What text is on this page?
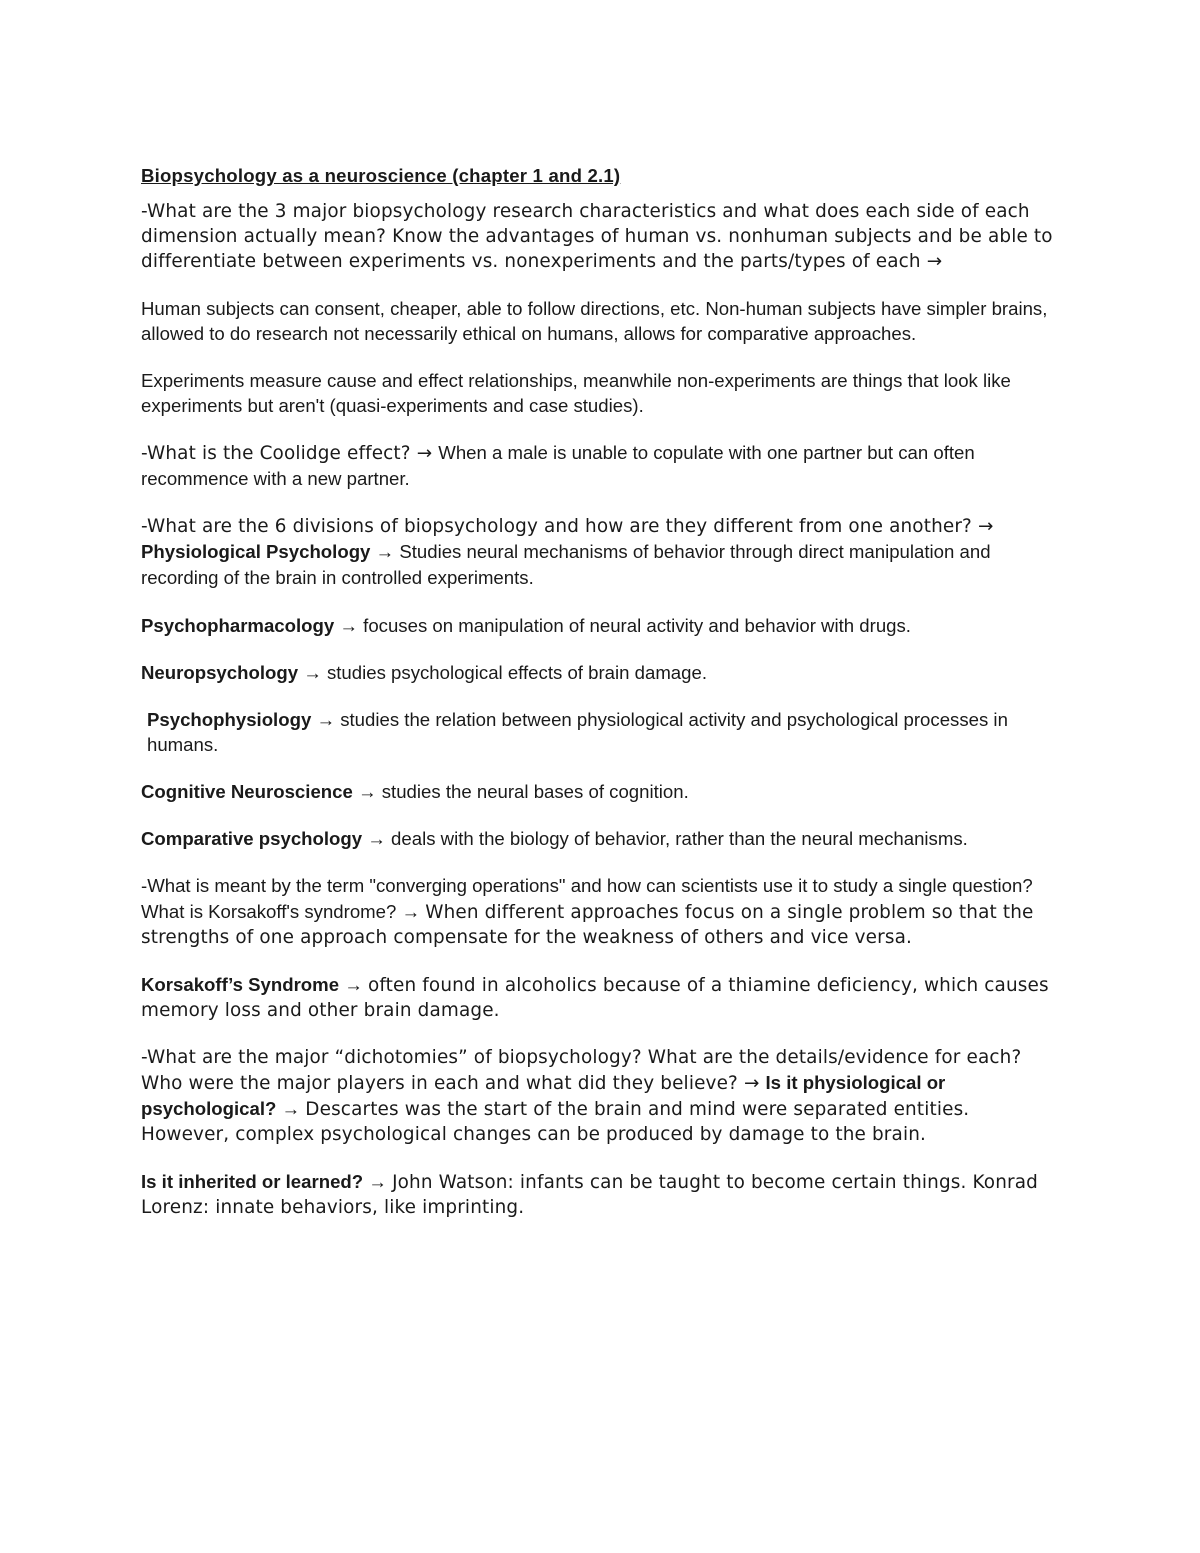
Biopsychology as a neuroscience (chapter 1 and 2.1)

-What are the 3 major biopsychology research characteristics and what does each side of each dimension actually mean? Know the advantages of human vs. nonhuman subjects and be able to differentiate between experiments vs. nonexperiments and the parts/types of each →

Human subjects can consent, cheaper, able to follow directions, etc. Non-human subjects have simpler brains, allowed to do research not necessarily ethical on humans, allows for comparative approaches.

Experiments measure cause and effect relationships, meanwhile non-experiments are things that look like experiments but aren't (quasi-experiments and case studies).

-What is the Coolidge effect? → When a male is unable to copulate with one partner but can often recommence with a new partner.

-What are the 6 divisions of biopsychology and how are they different from one another? → Physiological Psychology → Studies neural mechanisms of behavior through direct manipulation and recording of the brain in controlled experiments.

Psychopharmacology → focuses on manipulation of neural activity and behavior with drugs.

Neuropsychology → studies psychological effects of brain damage.

Psychophysiology → studies the relation between physiological activity and psychological processes in humans.

Cognitive Neuroscience → studies the neural bases of cognition.

Comparative psychology → deals with the biology of behavior, rather than the neural mechanisms.

-What is meant by the term "converging operations" and how can scientists use it to study a single question? What is Korsakoff's syndrome? → When different approaches focus on a single problem so that the strengths of one approach compensate for the weakness of others and vice versa.

Korsakoff’s Syndrome → often found in alcoholics because of a thiamine deficiency, which causes memory loss and other brain damage.

-What are the major “dichotomies” of biopsychology? What are the details/evidence for each? Who were the major players in each and what did they believe? → Is it physiological or psychological? → Descartes was the start of the brain and mind were separated entities. However, complex psychological changes can be produced by damage to the brain.

Is it inherited or learned? → John Watson: infants can be taught to become certain things. Konrad Lorenz: innate behaviors, like imprinting.
